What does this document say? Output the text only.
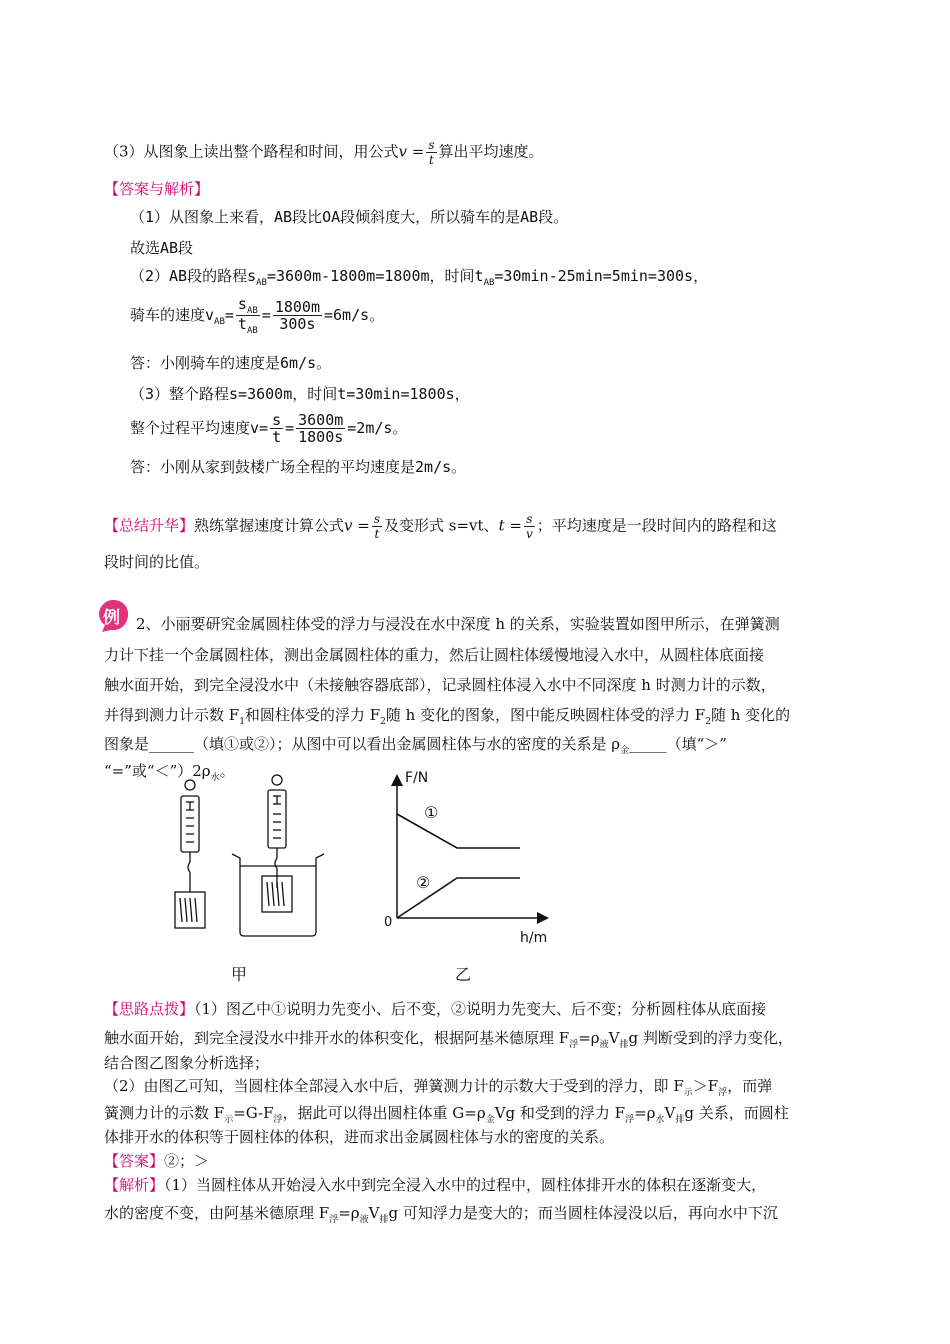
（3）从图象上读出整个路程和时间，用公式$v = \frac{s}{t}$ 算出平均速度。
【答案与解析】
（1）从图象上来看，AB段比OA段倾斜度大，所以骑车的是AB段。
故选AB段
（2）AB段的路程$s_{AB}=3600m-1800m=1800m$，时间$t_{AB}=30\min-25\min=5\min=300s$，
骑车的速度$v_{AB}= \frac{s_{AB}}{t_{AB}} = \frac{1800m}{300s} =6m/s$。
答：小刚骑车的速度是6m/s。
（3）整个路程s=3600m，时间t=30min=1800s，
整个过程平均速度$v= \frac{s}{t} = \frac{3600m}{1800s} =2m/s$。
答：小刚从家到鼓楼广场全程的平均速度是2m/s。
【总结升华】熟练掌握速度计算公式$v = \frac{s}{t}$ 及变形式 s=vt、$t = \frac{s}{v}$ ；平均速度是一段时间内的路程和这
段时间的比值。
例 2、小丽要研究金属圆柱体受的浮力与浸没在水中深度 h 的关系，实验装置如图甲所示，在弹簧测
力计下挂一个金属圆柱体，测出金属圆柱体的重力，然后让圆柱体缓慢地浸入水中，从圆柱体底面接
触水面开始，到完全浸没水中（未接触容器底部），记录圆柱体浸入水中不同深度 h 时测力计的示数，
并得到测力计示数 $F_1$和圆柱体受的浮力 $F_2$随 h 变化的图象，图中能反映圆柱体受的浮力 $F_2$随 h 变化的
图象是______（填①或②）；从图中可以看出金属圆柱体与水的密度的关系是 $\rho_金\_\_\_\_\_$（填“＞”
“=”或“$<”)2\rho_水$。
甲
F/N
h/m
0
①
②
乙
【思路点拨】（1）图乙中①说明力先变小、后不变，②说明力先变大、后不变；分析圆柱体从底面接
触水面开始，到完全浸没水中排开水的体积变化，根据阿基米德原理 $F_浮=\rho_液V_排g$ 判断受到的浮力变化，
结合图乙图象分析选择；
（2）由图乙可知，当圆柱体全部浸入水中后，弹簧测力计的示数大于受到的浮力，即 $F_示>F_浮$，而弹
簧测力计的示数 $F_示=G-F_浮$，据此可以得出圆柱体重 $G=\rho_金Vg$ 和受到的浮力 $F_浮=\rho_水V_排g$ 关系，而圆柱
体排开水的体积等于圆柱体的体积，进而求出金属圆柱体与水的密度的关系。
【答案】②；＞
【解析】（1）当圆柱体从开始浸入水中到完全浸入水中的过程中，圆柱体排开水的体积在逐渐变大，
水的密度不变，由阿基米德原理 $F_浮=\rho_液V_排g$ 可知浮力是变大的；而当圆柱体浸没以后，再向水中下沉
